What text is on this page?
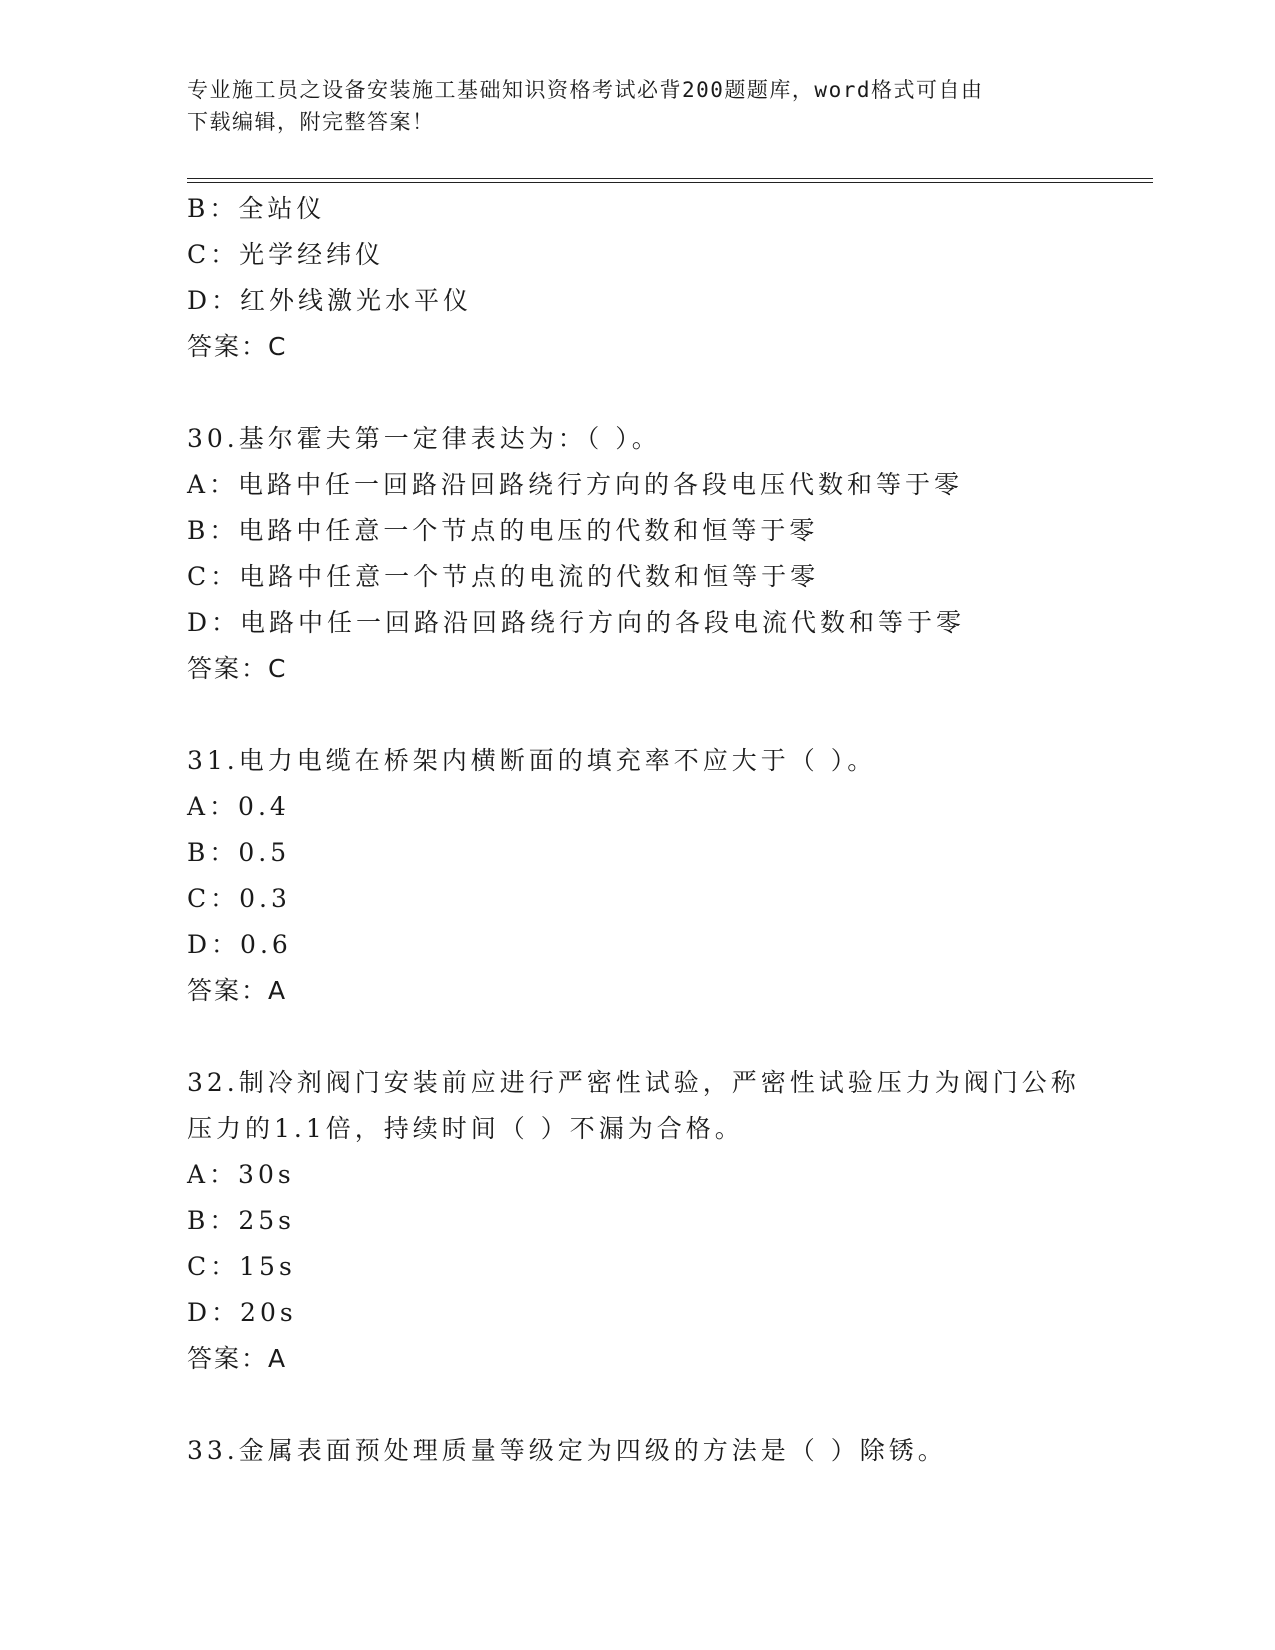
专业施工员之设备安装施工基础知识资格考试必背200题题库，word格式可自由
下载编辑，附完整答案！
B：全站仪
C：光学经纬仪
D：红外线激光水平仪
答案：C
30.基尔霍夫第一定律表达为：（ ）。
A：电路中任一回路沿回路绕行方向的各段电压代数和等于零
B：电路中任意一个节点的电压的代数和恒等于零
C：电路中任意一个节点的电流的代数和恒等于零
D：电路中任一回路沿回路绕行方向的各段电流代数和等于零
答案：C
31.电力电缆在桥架内横断面的填充率不应大于（ ）。
A：0.4
B：0.5
C：0.3
D：0.6
答案：A
32.制冷剂阀门安装前应进行严密性试验，严密性试验压力为阀门公称
压力的1.1倍，持续时间（ ）不漏为合格。
A：30s
B：25s
C：15s
D：20s
答案：A
33.金属表面预处理质量等级定为四级的方法是（ ）除锈。
